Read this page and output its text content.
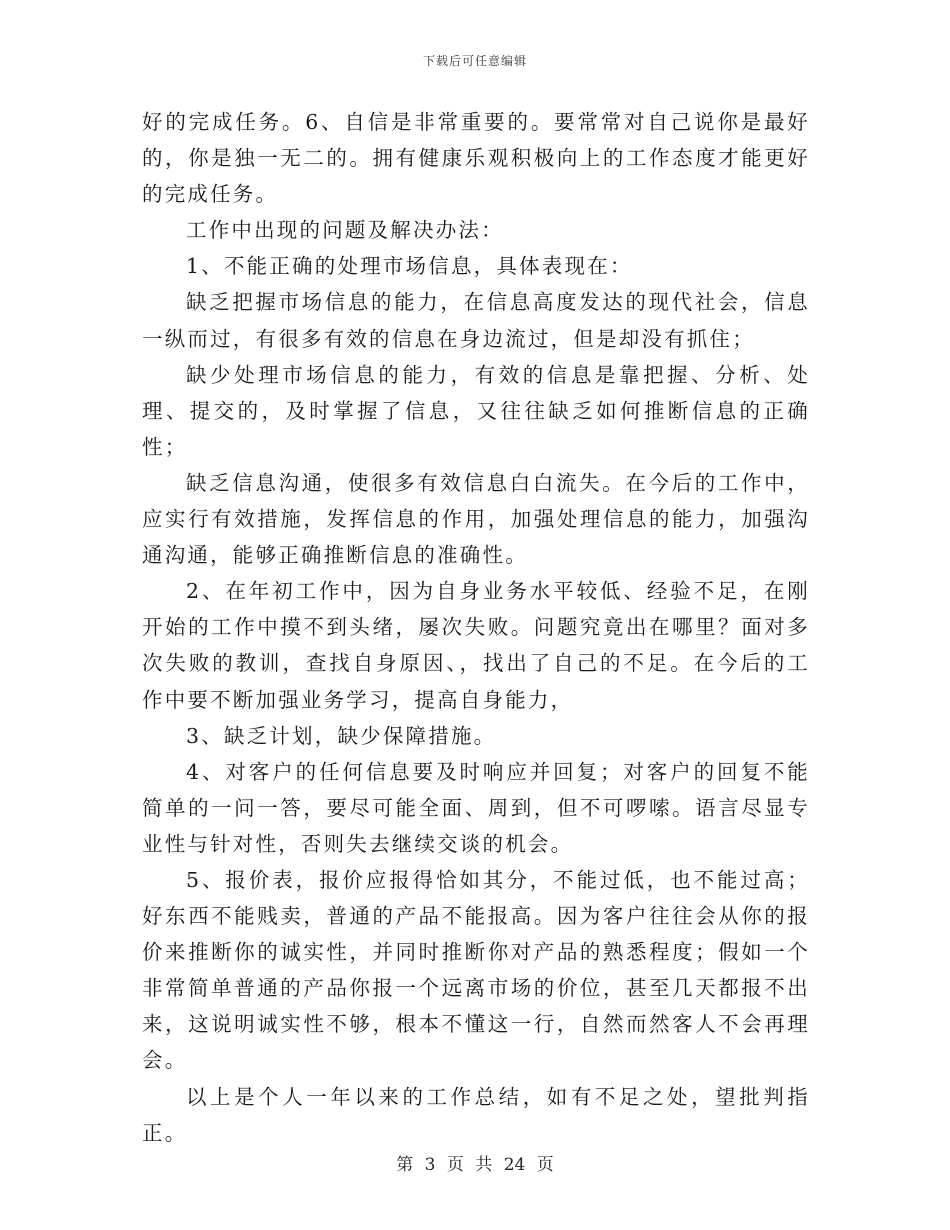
下载后可任意编辑

好的完成任务。6、自信是非常重要的。要常常对自己说你是最好的，你是独一无二的。拥有健康乐观积极向上的工作态度才能更好的完成任务。

工作中出现的问题及解决办法：

1、不能正确的处理市场信息，具体表现在：

缺乏把握市场信息的能力，在信息高度发达的现代社会，信息一纵而过，有很多有效的信息在身边流过，但是却没有抓住；

缺少处理市场信息的能力，有效的信息是靠把握、分析、处理、提交的，及时掌握了信息，又往往缺乏如何推断信息的正确性；

缺乏信息沟通，使很多有效信息白白流失。在今后的工作中，应实行有效措施，发挥信息的作用，加强处理信息的能力，加强沟通沟通，能够正确推断信息的准确性。

2、在年初工作中，因为自身业务水平较低、经验不足，在刚开始的工作中摸不到头绪，屡次失败。问题究竟出在哪里？面对多次失败的教训，查找自身原因、，找出了自己的不足。在今后的工作中要不断加强业务学习，提高自身能力，

3、缺乏计划，缺少保障措施。

4、对客户的任何信息要及时响应并回复；对客户的回复不能简单的一问一答，要尽可能全面、周到，但不可啰嗦。语言尽显专业性与针对性，否则失去继续交谈的机会。

5、报价表，报价应报得恰如其分，不能过低，也不能过高；好东西不能贱卖，普通的产品不能报高。因为客户往往会从你的报价来推断你的诚实性，并同时推断你对产品的熟悉程度；假如一个非常简单普通的产品你报一个远离市场的价位，甚至几天都报不出来，这说明诚实性不够，根本不懂这一行，自然而然客人不会再理会。

以上是个人一年以来的工作总结，如有不足之处，望批判指正。

第 3 页 共 24 页
